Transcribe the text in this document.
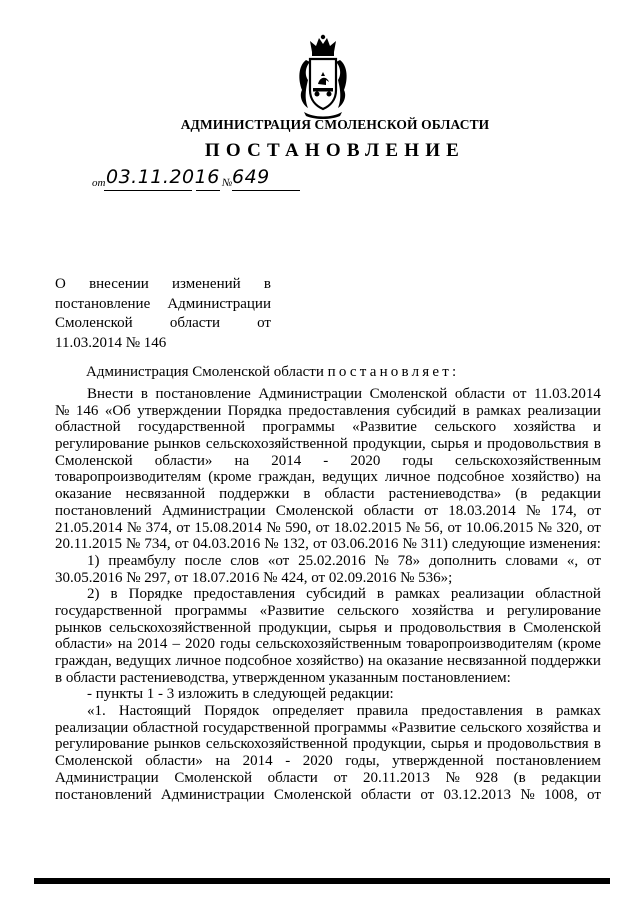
АДМИНИСТРАЦИЯ СМОЛЕНСКОЙ ОБЛАСТИ
ПОСТАНОВЛЕНИЕ
от 03.11.2016 № 649
О внесении изменений в
постановление Администрации
Смоленской области от
11.03.2014 № 146
Администрация Смоленской области постановляет:
Внести в постановление Администрации Смоленской области от 11.03.2014
№ 146 «Об утверждении Порядка предоставления субсидий в рамках реализации
областной государственной программы «Развитие сельского хозяйства и
регулирование рынков сельскохозяйственной продукции, сырья и продовольствия в
Смоленской области» на 2014 - 2020 годы сельскохозяйственным
товаропроизводителям (кроме граждан, ведущих личное подсобное хозяйство) на
оказание несвязанной поддержки в области растениеводства» (в редакции
постановлений Администрации Смоленской области от 18.03.2014 № 174, от
21.05.2014 № 374, от 15.08.2014 № 590, от 18.02.2015 № 56, от 10.06.2015 № 320, от
20.11.2015 № 734, от 04.03.2016 № 132, от 03.06.2016 № 311) следующие изменения:
1) преамбулу после слов «от 25.02.2016 № 78» дополнить словами «, от
30.05.2016 № 297, от 18.07.2016 № 424, от 02.09.2016 № 536»;
2) в Порядке предоставления субсидий в рамках реализации областной
государственной программы «Развитие сельского хозяйства и регулирование
рынков сельскохозяйственной продукции, сырья и продовольствия в Смоленской
области» на 2014 – 2020 годы сельскохозяйственным товаропроизводителям (кроме
граждан, ведущих личное подсобное хозяйство) на оказание несвязанной поддержки
в области растениеводства, утвержденном указанным постановлением:
- пункты 1 - 3 изложить в следующей редакции:
«1. Настоящий Порядок определяет правила предоставления в рамках
реализации областной государственной программы «Развитие сельского хозяйства и
регулирование рынков сельскохозяйственной продукции, сырья и продовольствия в
Смоленской области» на 2014 - 2020 годы, утвержденной постановлением
Администрации Смоленской области от 20.11.2013 № 928 (в редакции
постановлений Администрации Смоленской области от 03.12.2013 № 1008, от
